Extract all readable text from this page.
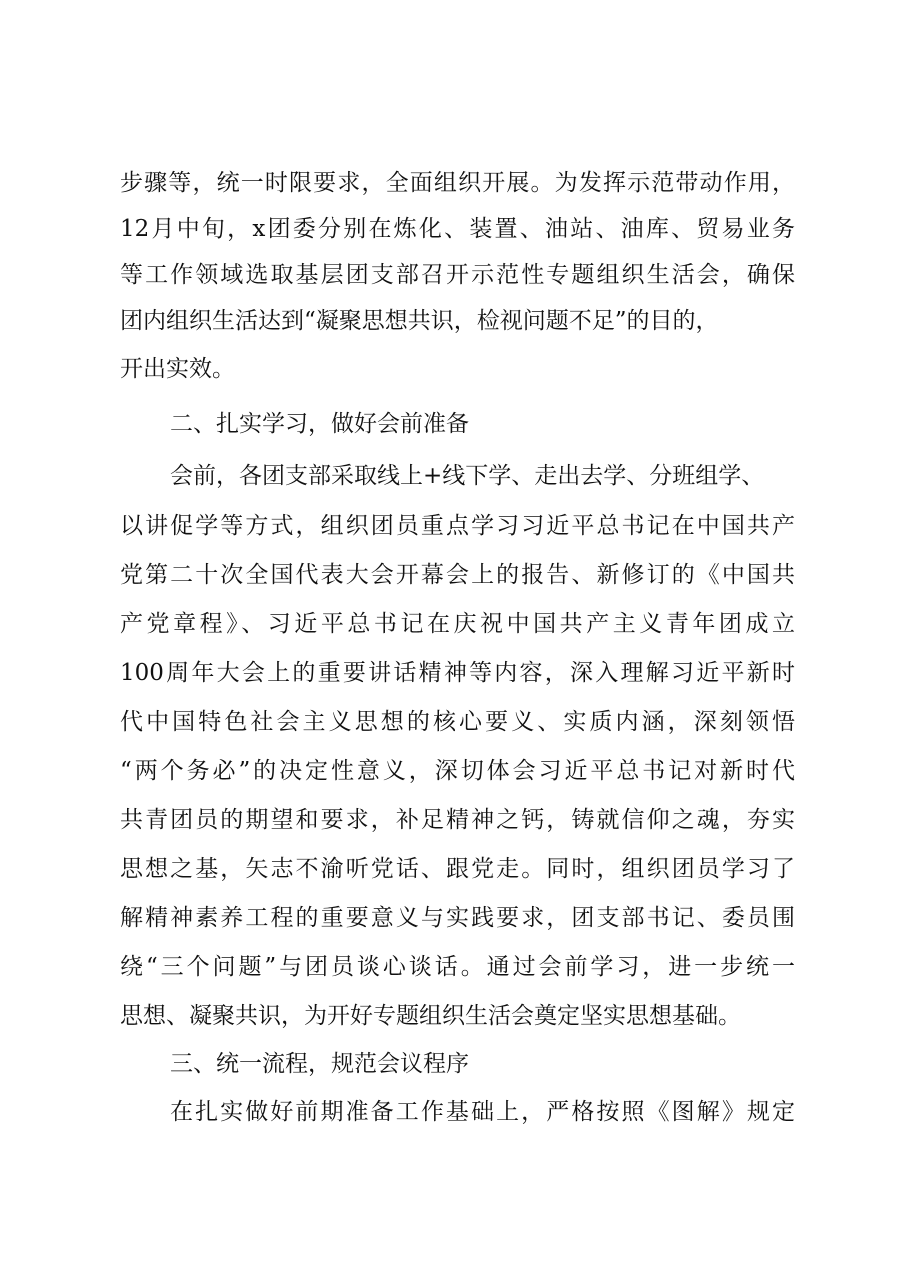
步骤等，统一时限要求，全面组织开展。为发挥示范带动作用，
12月中旬，x团委分别在炼化、装置、油站、油库、贸易业务
等工作领域选取基层团支部召开示范性专题组织生活会，确保
团内组织生活达到“凝聚思想共识，检视问题不足”的目的，
开出实效。
二、扎实学习，做好会前准备
会前，各团支部采取线上+线下学、走出去学、分班组学、
以讲促学等方式，组织团员重点学习习近平总书记在中国共产
党第二十次全国代表大会开幕会上的报告、新修订的《中国共
产党章程》、习近平总书记在庆祝中国共产主义青年团成立
100周年大会上的重要讲话精神等内容，深入理解习近平新时
代中国特色社会主义思想的核心要义、实质内涵，深刻领悟
“两个务必”的决定性意义，深切体会习近平总书记对新时代
共青团员的期望和要求，补足精神之钙，铸就信仰之魂，夯实
思想之基，矢志不渝听党话、跟党走。同时，组织团员学习了
解精神素养工程的重要意义与实践要求，团支部书记、委员围
绕“三个问题”与团员谈心谈话。通过会前学习，进一步统一
思想、凝聚共识，为开好专题组织生活会奠定坚实思想基础。
三、统一流程，规范会议程序
在扎实做好前期准备工作基础上，严格按照《图解》规定
